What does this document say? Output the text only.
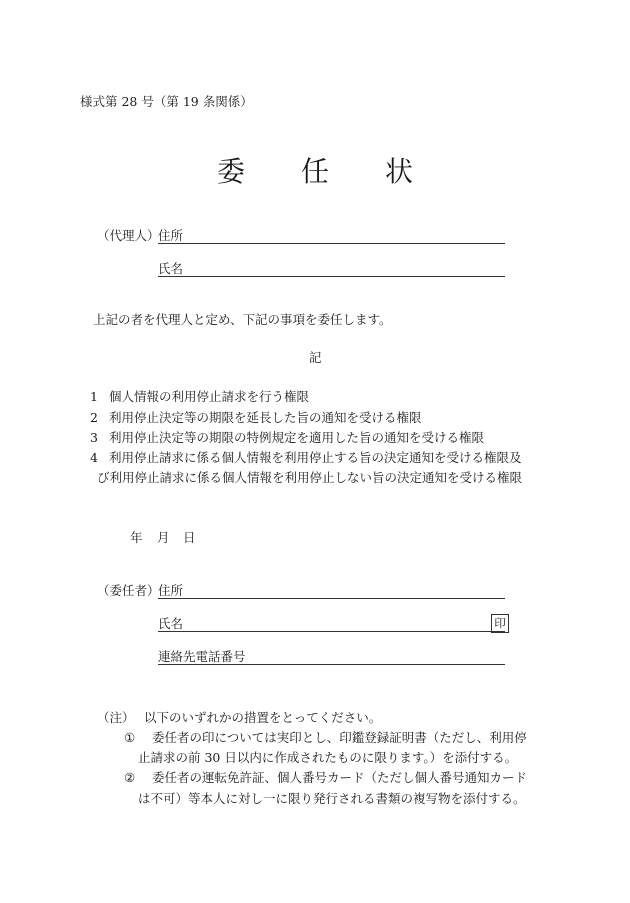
様式第 28 号（第 19 条関係）
委 任 状
（代理人）
住所
氏名
上記の者を代理人と定め、下記の事項を委任します。
記
1 個人情報の利用停止請求を行う権限
2 利用停止決定等の期限を延長した旨の通知を受ける権限
3 利用停止決定等の期限の特例規定を適用した旨の通知を受ける権限
4 利用停止請求に係る個人情報を利用停止する旨の決定通知を受ける権限及
び利用停止請求に係る個人情報を利用停止しない旨の決定通知を受ける権限
年 月 日
（委任者）
住所
氏名	印
連絡先電話番号
（注） 以下のいずれかの措置をとってください。
① 委任者の印については実印とし、印鑑登録証明書（ただし、利用停
止請求の前 30 日以内に作成されたものに限ります。）を添付する。
② 委任者の運転免許証、個人番号カード（ただし個人番号通知カード
は不可）等本人に対し一に限り発行される書類の複写物を添付する。
